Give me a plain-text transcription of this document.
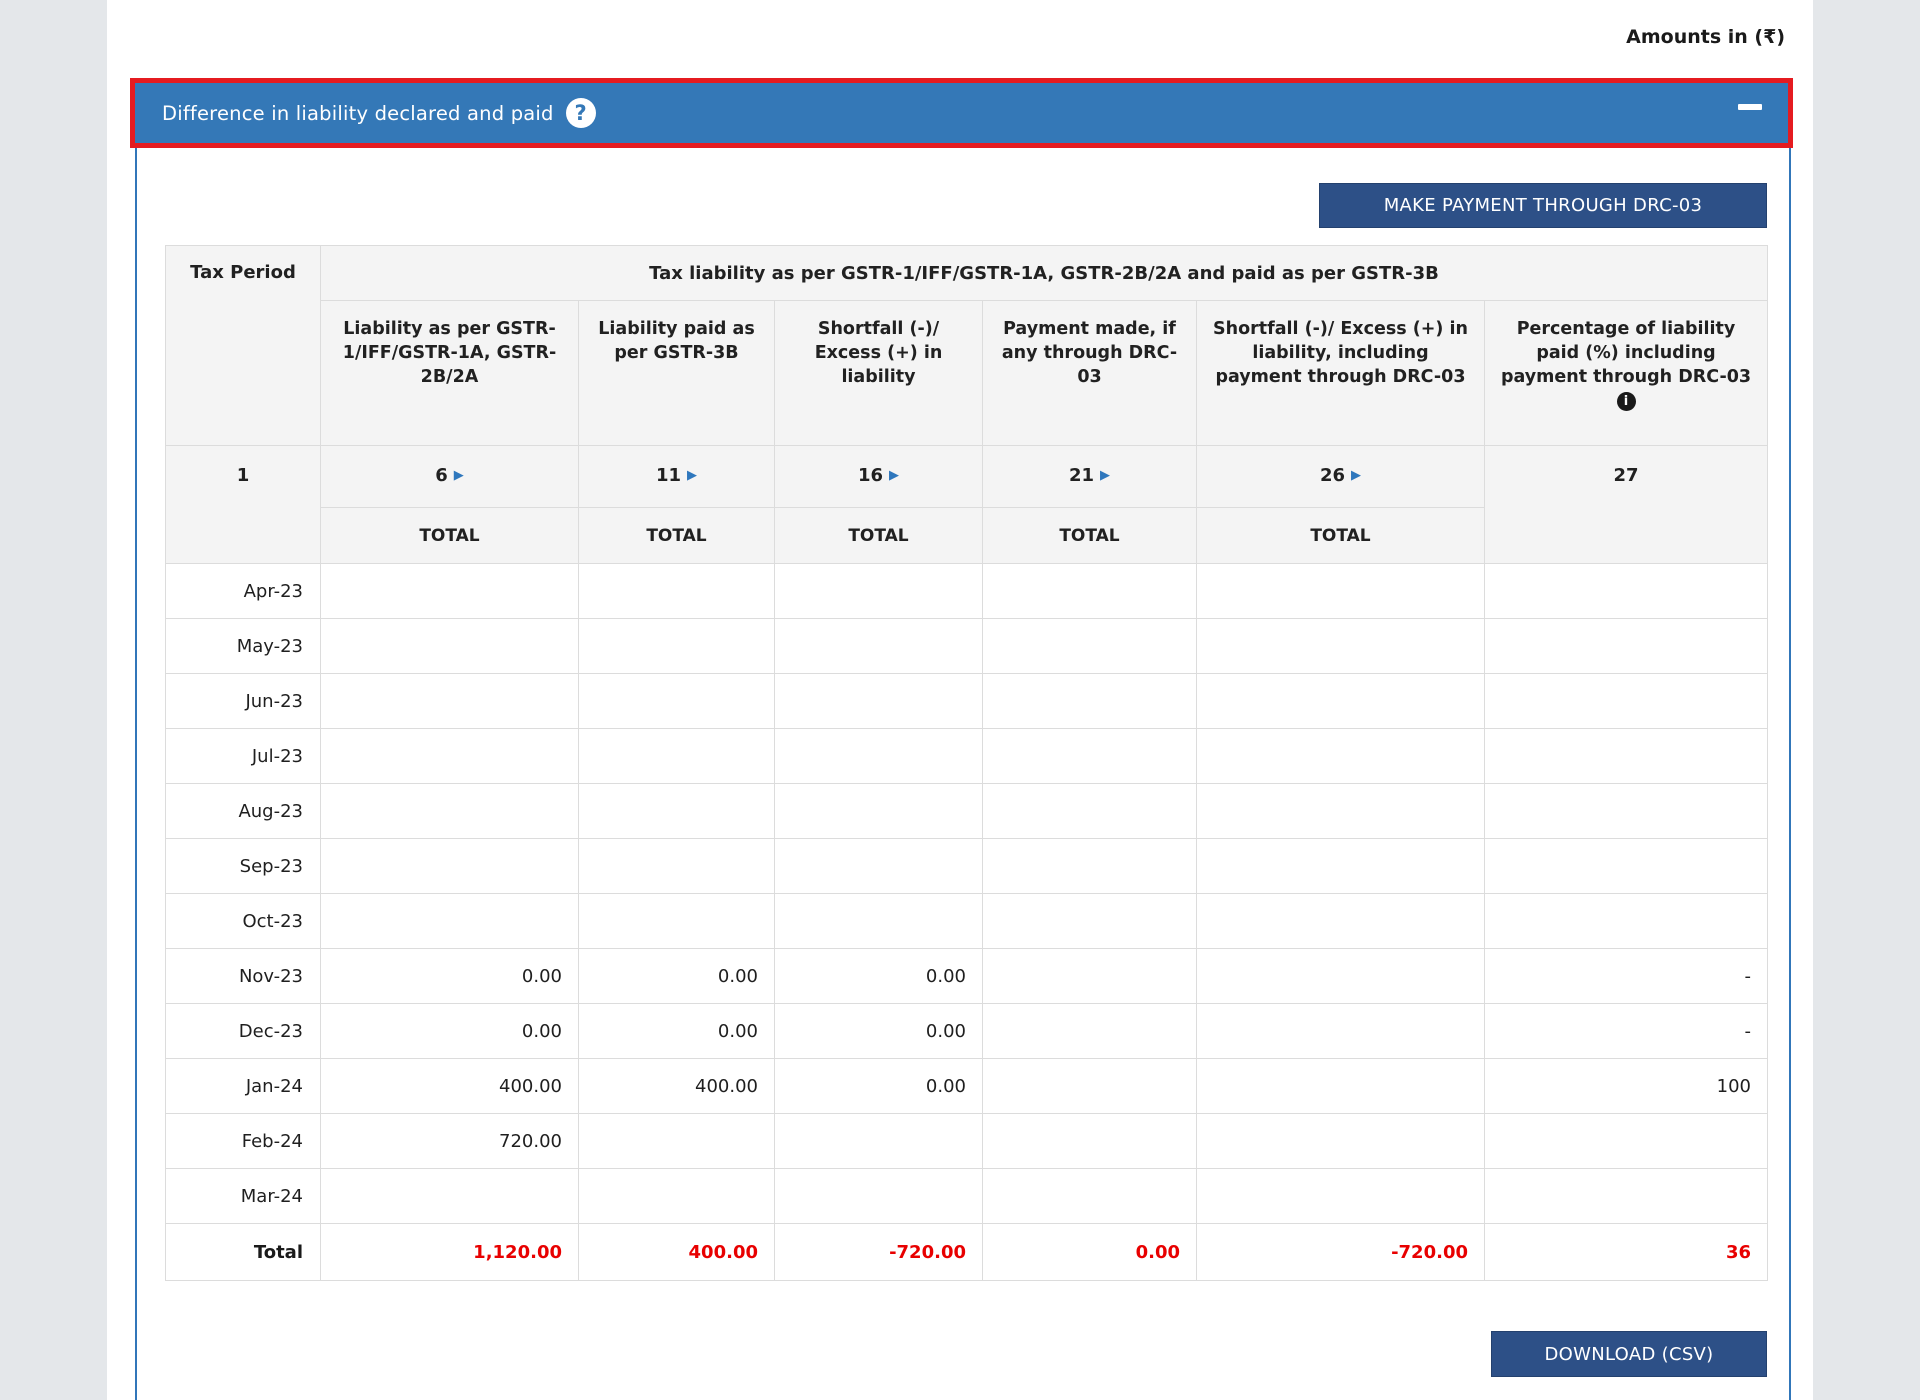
Amounts in (₹)
Difference in liability declared and paid ?
MAKE PAYMENT THROUGH DRC-03
Tax Period	Tax liability as per GSTR-1/IFF/GSTR-1A, GSTR-2B/2A and paid as per GSTR-3B					
	Liability as per GSTR-1/IFF/GSTR-1A, GSTR-2B/2A	Liability paid as per GSTR-3B	Shortfall (-)/ Excess (+) in liability	Payment made, if any through DRC-03	Shortfall (-)/ Excess (+) in liability, including payment through DRC-03	Percentage of liability paid (%) including payment through DRC-03 i
1	6 ▶	11 ▶	16 ▶	21 ▶	26 ▶	27
	TOTAL	TOTAL	TOTAL	TOTAL	TOTAL	
Apr-23						
May-23						
Jun-23						
Jul-23						
Aug-23						
Sep-23						
Oct-23						
Nov-23	0.00	0.00	0.00			-
Dec-23	0.00	0.00	0.00			-
Jan-24	400.00	400.00	0.00			100
Feb-24	720.00					
Mar-24						
Total	1,120.00	400.00	-720.00	0.00	-720.00	36
DOWNLOAD (CSV)
